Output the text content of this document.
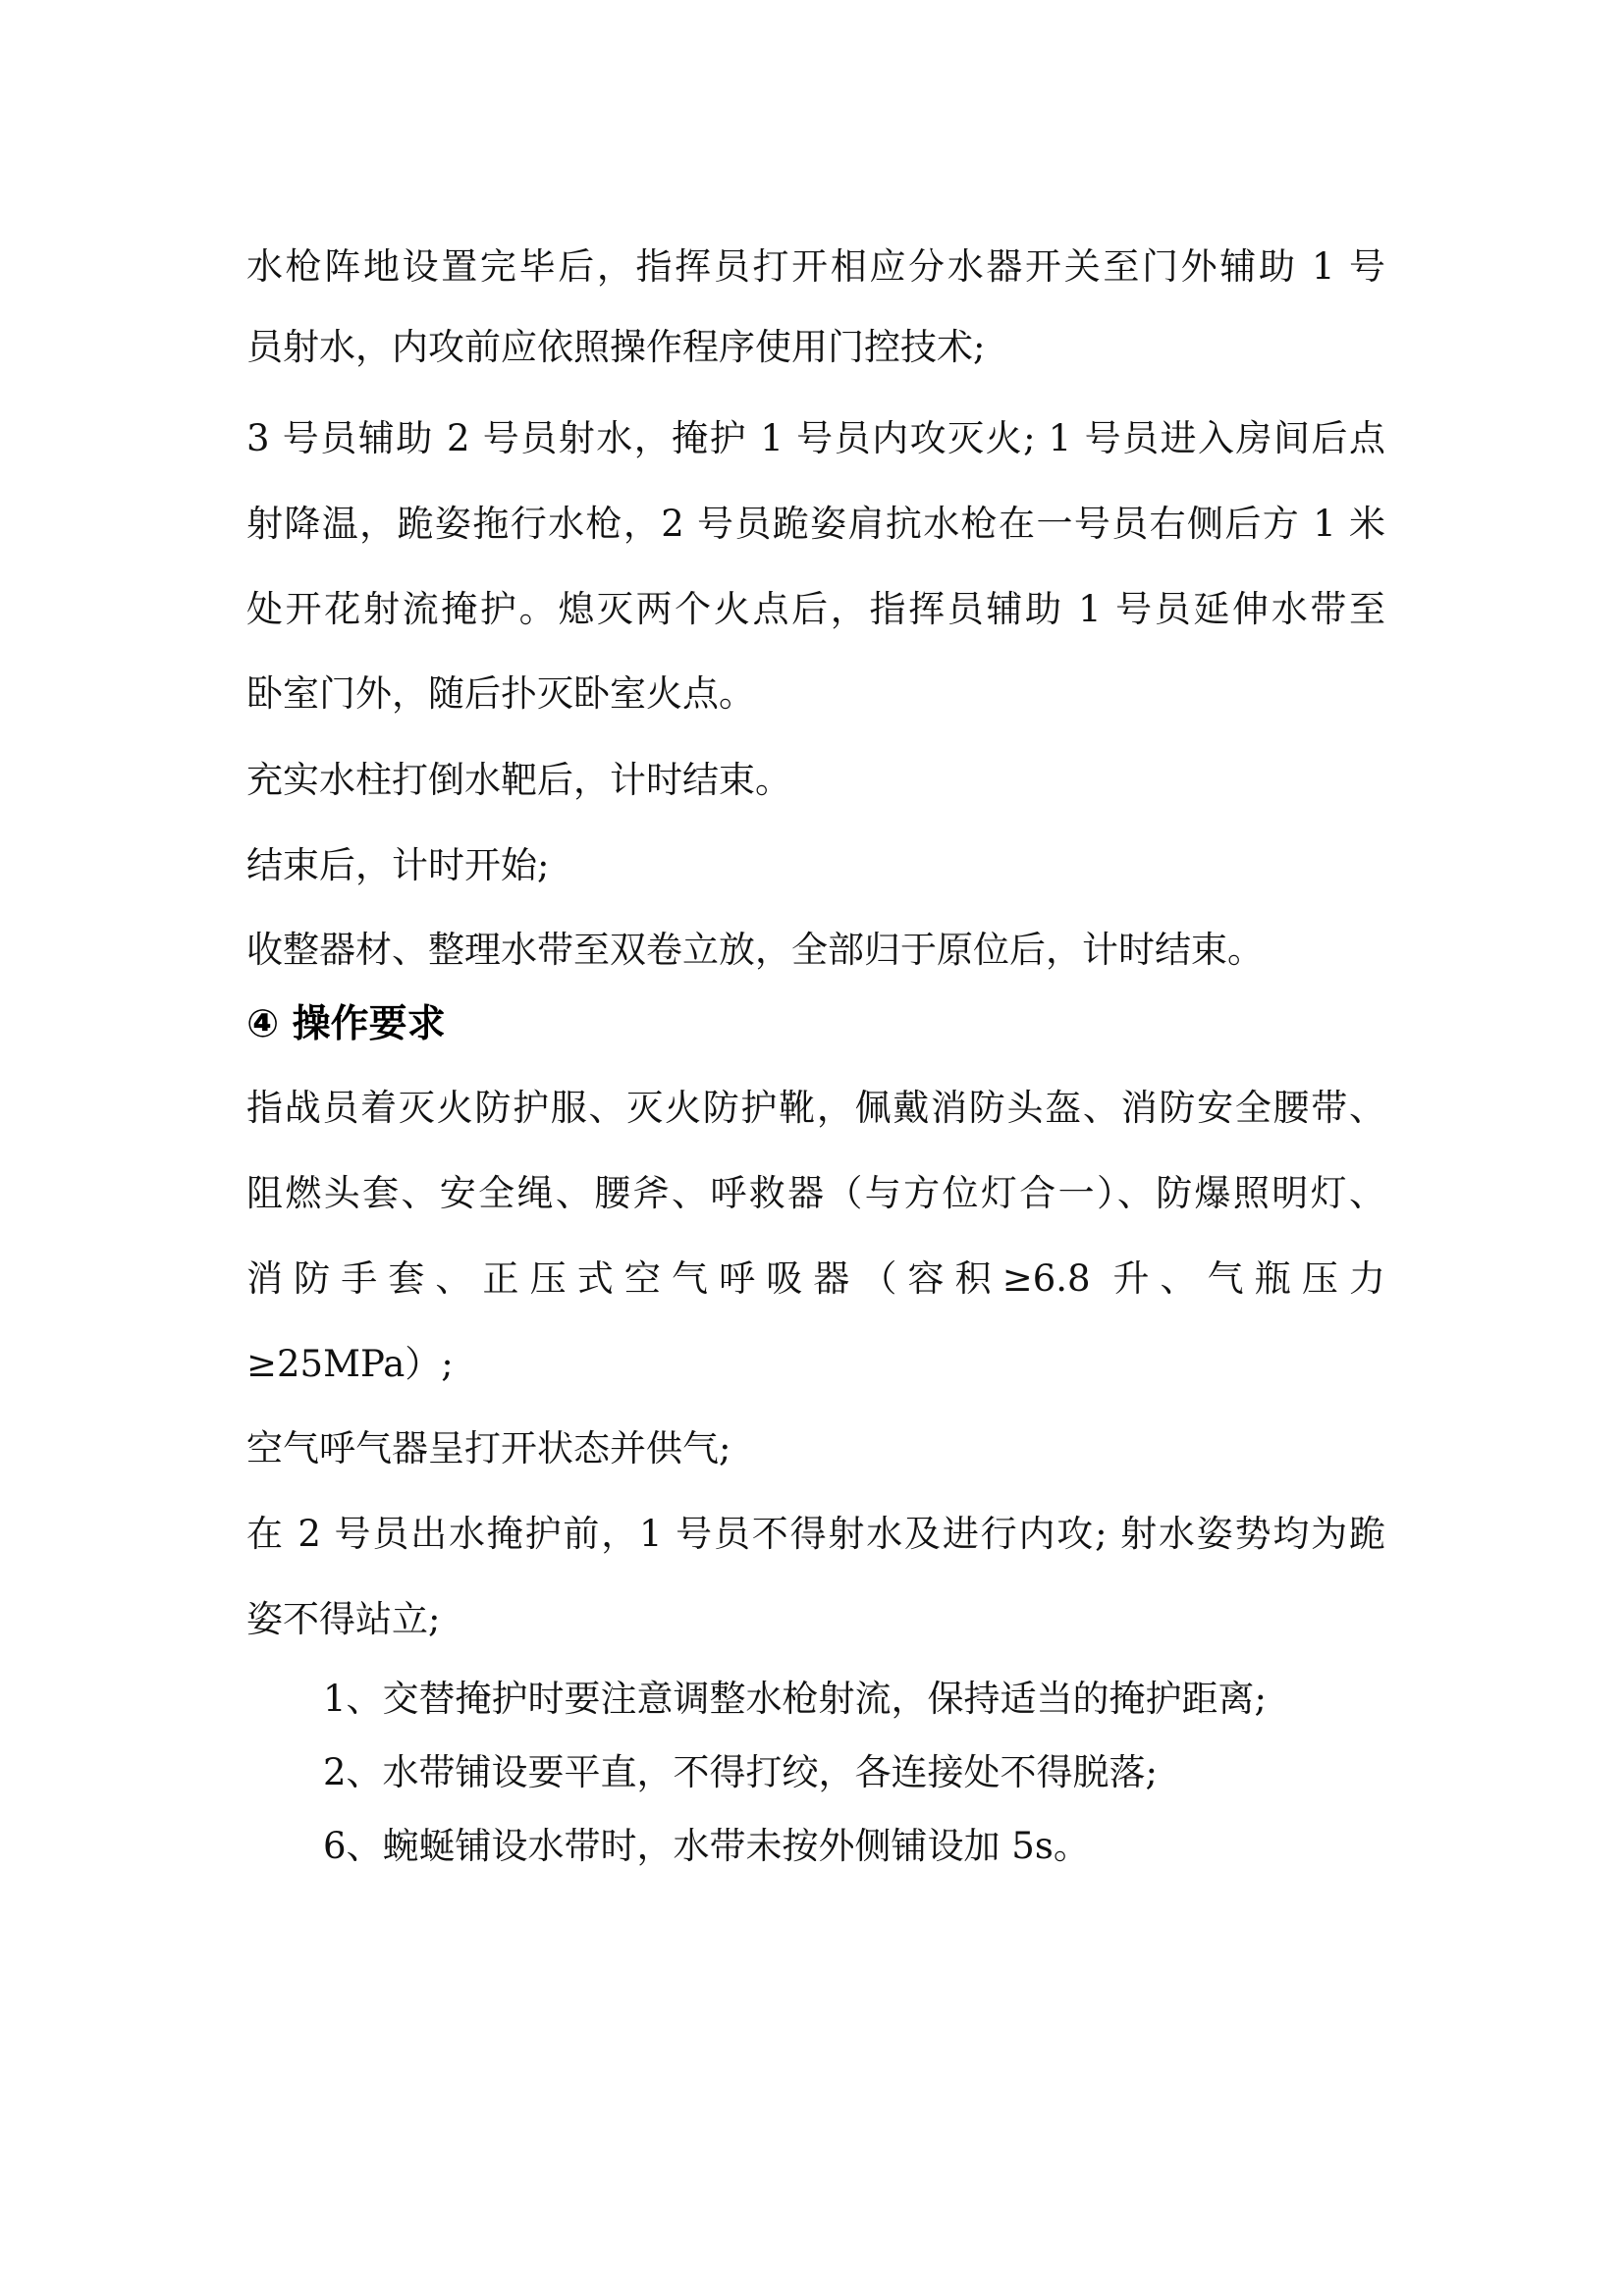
水枪阵地设置完毕后，指挥员打开相应分水器开关至门外辅助 1 号
员射水，内攻前应依照操作程序使用门控技术;
3 号员辅助 2 号员射水，掩护 1 号员内攻灭火; 1 号员进入房间后点
射降温，跪姿拖行水枪，2 号员跪姿肩抗水枪在一号员右侧后方 1 米
处开花射流掩护。熄灭两个火点后，指挥员辅助 1 号员延伸水带至
卧室门外，随后扑灭卧室火点。
充实水柱打倒水靶后，计时结束。
结束后，计时开始;
收整器材、整理水带至双卷立放，全部归于原位后，计时结束。
④ 操作要求
指战员着灭火防护服、灭火防护靴，佩戴消防头盔、消防安全腰带、
阻燃头套、安全绳、腰斧、呼救器（与方位灯合一）、防爆照明灯、
消防手套、正压式空气呼吸器（容积≥6.8 升、气瓶压力
≥25MPa）;
空气呼气器呈打开状态并供气;
在 2 号员出水掩护前，1 号员不得射水及进行内攻; 射水姿势均为跪
姿不得站立;
1、交替掩护时要注意调整水枪射流，保持适当的掩护距离;
2、水带铺设要平直，不得打绞，各连接处不得脱落;
6、蜿蜒铺设水带时，水带未按外侧铺设加 5s。
